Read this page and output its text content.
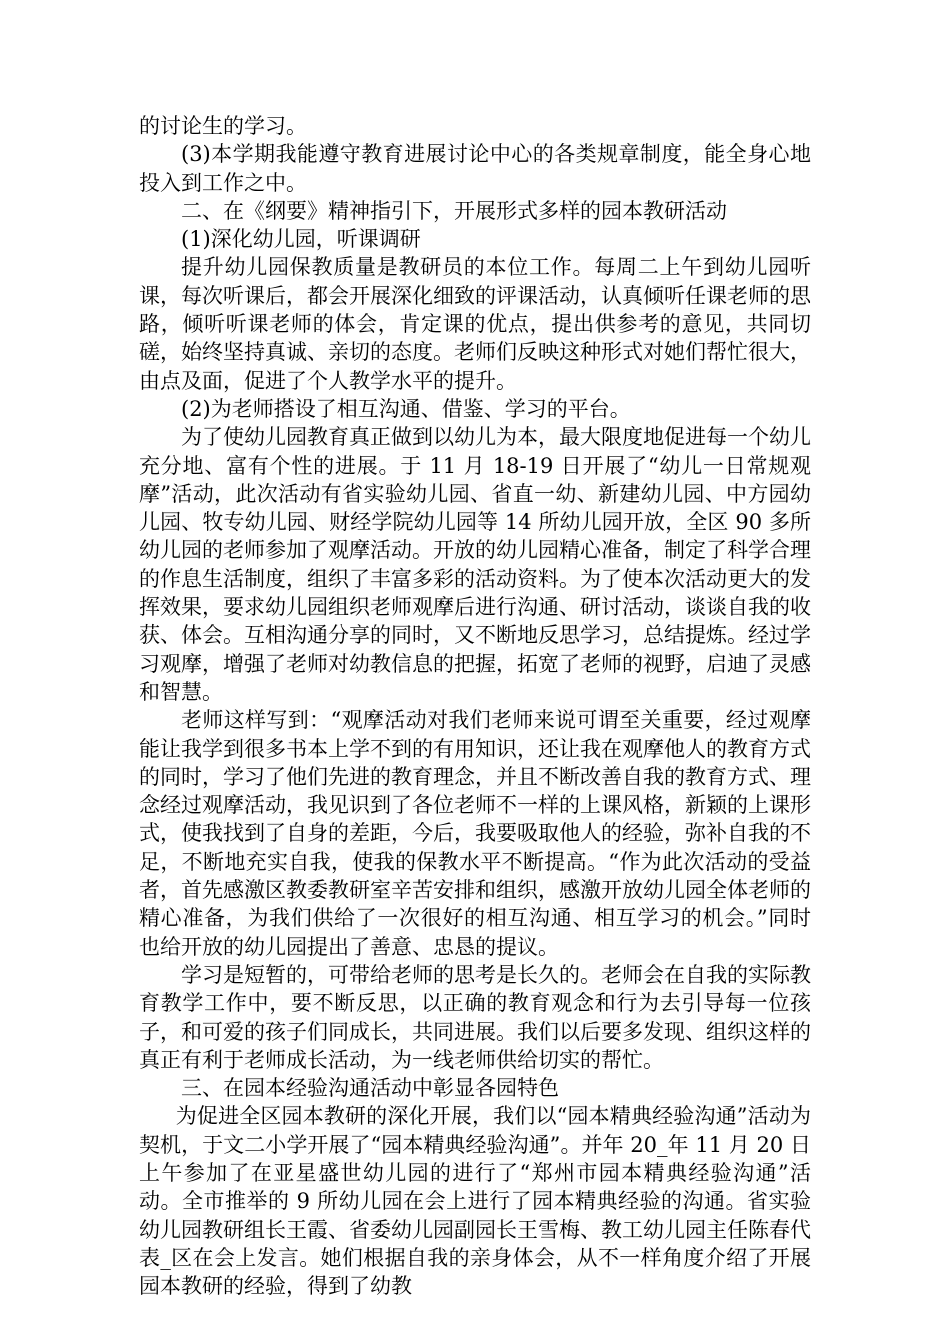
的讨论生的学习。

(3)本学期我能遵守教育进展讨论中心的各类规章制度，能全身心地投入到工作之中。

二、在《纲要》精神指引下，开展形式多样的园本教研活动

(1)深化幼儿园，听课调研

提升幼儿园保教质量是教研员的本位工作。每周二上午到幼儿园听课，每次听课后，都会开展深化细致的评课活动，认真倾听任课老师的思路，倾听听课老师的体会，肯定课的优点，提出供参考的意见，共同切磋，始终坚持真诚、亲切的态度。老师们反映这种形式对她们帮忙很大，由点及面，促进了个人教学水平的提升。

(2)为老师搭设了相互沟通、借鉴、学习的平台。

为了使幼儿园教育真正做到以幼儿为本，最大限度地促进每一个幼儿充分地、富有个性的进展。于 11 月 18-19 日开展了“幼儿一日常规观摩”活动，此次活动有省实验幼儿园、省直一幼、新建幼儿园、中方园幼儿园、牧专幼儿园、财经学院幼儿园等 14 所幼儿园开放，全区 90 多所幼儿园的老师参加了观摩活动。开放的幼儿园精心准备，制定了科学合理的作息生活制度，组织了丰富多彩的活动资料。为了使本次活动更大的发挥效果，要求幼儿园组织老师观摩后进行沟通、研讨活动，谈谈自我的收获、体会。互相沟通分享的同时，又不断地反思学习，总结提炼。经过学习观摩，增强了老师对幼教信息的把握，拓宽了老师的视野，启迪了灵感和智慧。

老师这样写到：“观摩活动对我们老师来说可谓至关重要，经过观摩能让我学到很多书本上学不到的有用知识，还让我在观摩他人的教育方式的同时，学习了他们先进的教育理念，并且不断改善自我的教育方式、理念经过观摩活动，我见识到了各位老师不一样的上课风格，新颖的上课形式，使我找到了自身的差距，今后，我要吸取他人的经验，弥补自我的不足，不断地充实自我，使我的保教水平不断提高。“作为此次活动的受益者，首先感激区教委教研室辛苦安排和组织，感激开放幼儿园全体老师的精心准备，为我们供给了一次很好的相互沟通、相互学习的机会。”同时也给开放的幼儿园提出了善意、忠恳的提议。

学习是短暂的，可带给老师的思考是长久的。老师会在自我的实际教育教学工作中，要不断反思，以正确的教育观念和行为去引导每一位孩子，和可爱的孩子们同成长，共同进展。我们以后要多发现、组织这样的真正有利于老师成长活动，为一线老师供给切实的帮忙。

三、在园本经验沟通活动中彰显各园特色

为促进全区园本教研的深化开展，我们以“园本精典经验沟通”活动为契机，于文二小学开展了“园本精典经验沟通”。并年 20_年 11 月 20 日上午参加了在亚星盛世幼儿园的进行了“郑州市园本精典经验沟通”活动。全市推举的 9 所幼儿园在会上进行了园本精典经验的沟通。省实验幼儿园教研组长王霞、省委幼儿园副园长王雪梅、教工幼儿园主任陈春代表_区在会上发言。她们根据自我的亲身体会，从不一样角度介绍了开展园本教研的经验，得到了幼教
